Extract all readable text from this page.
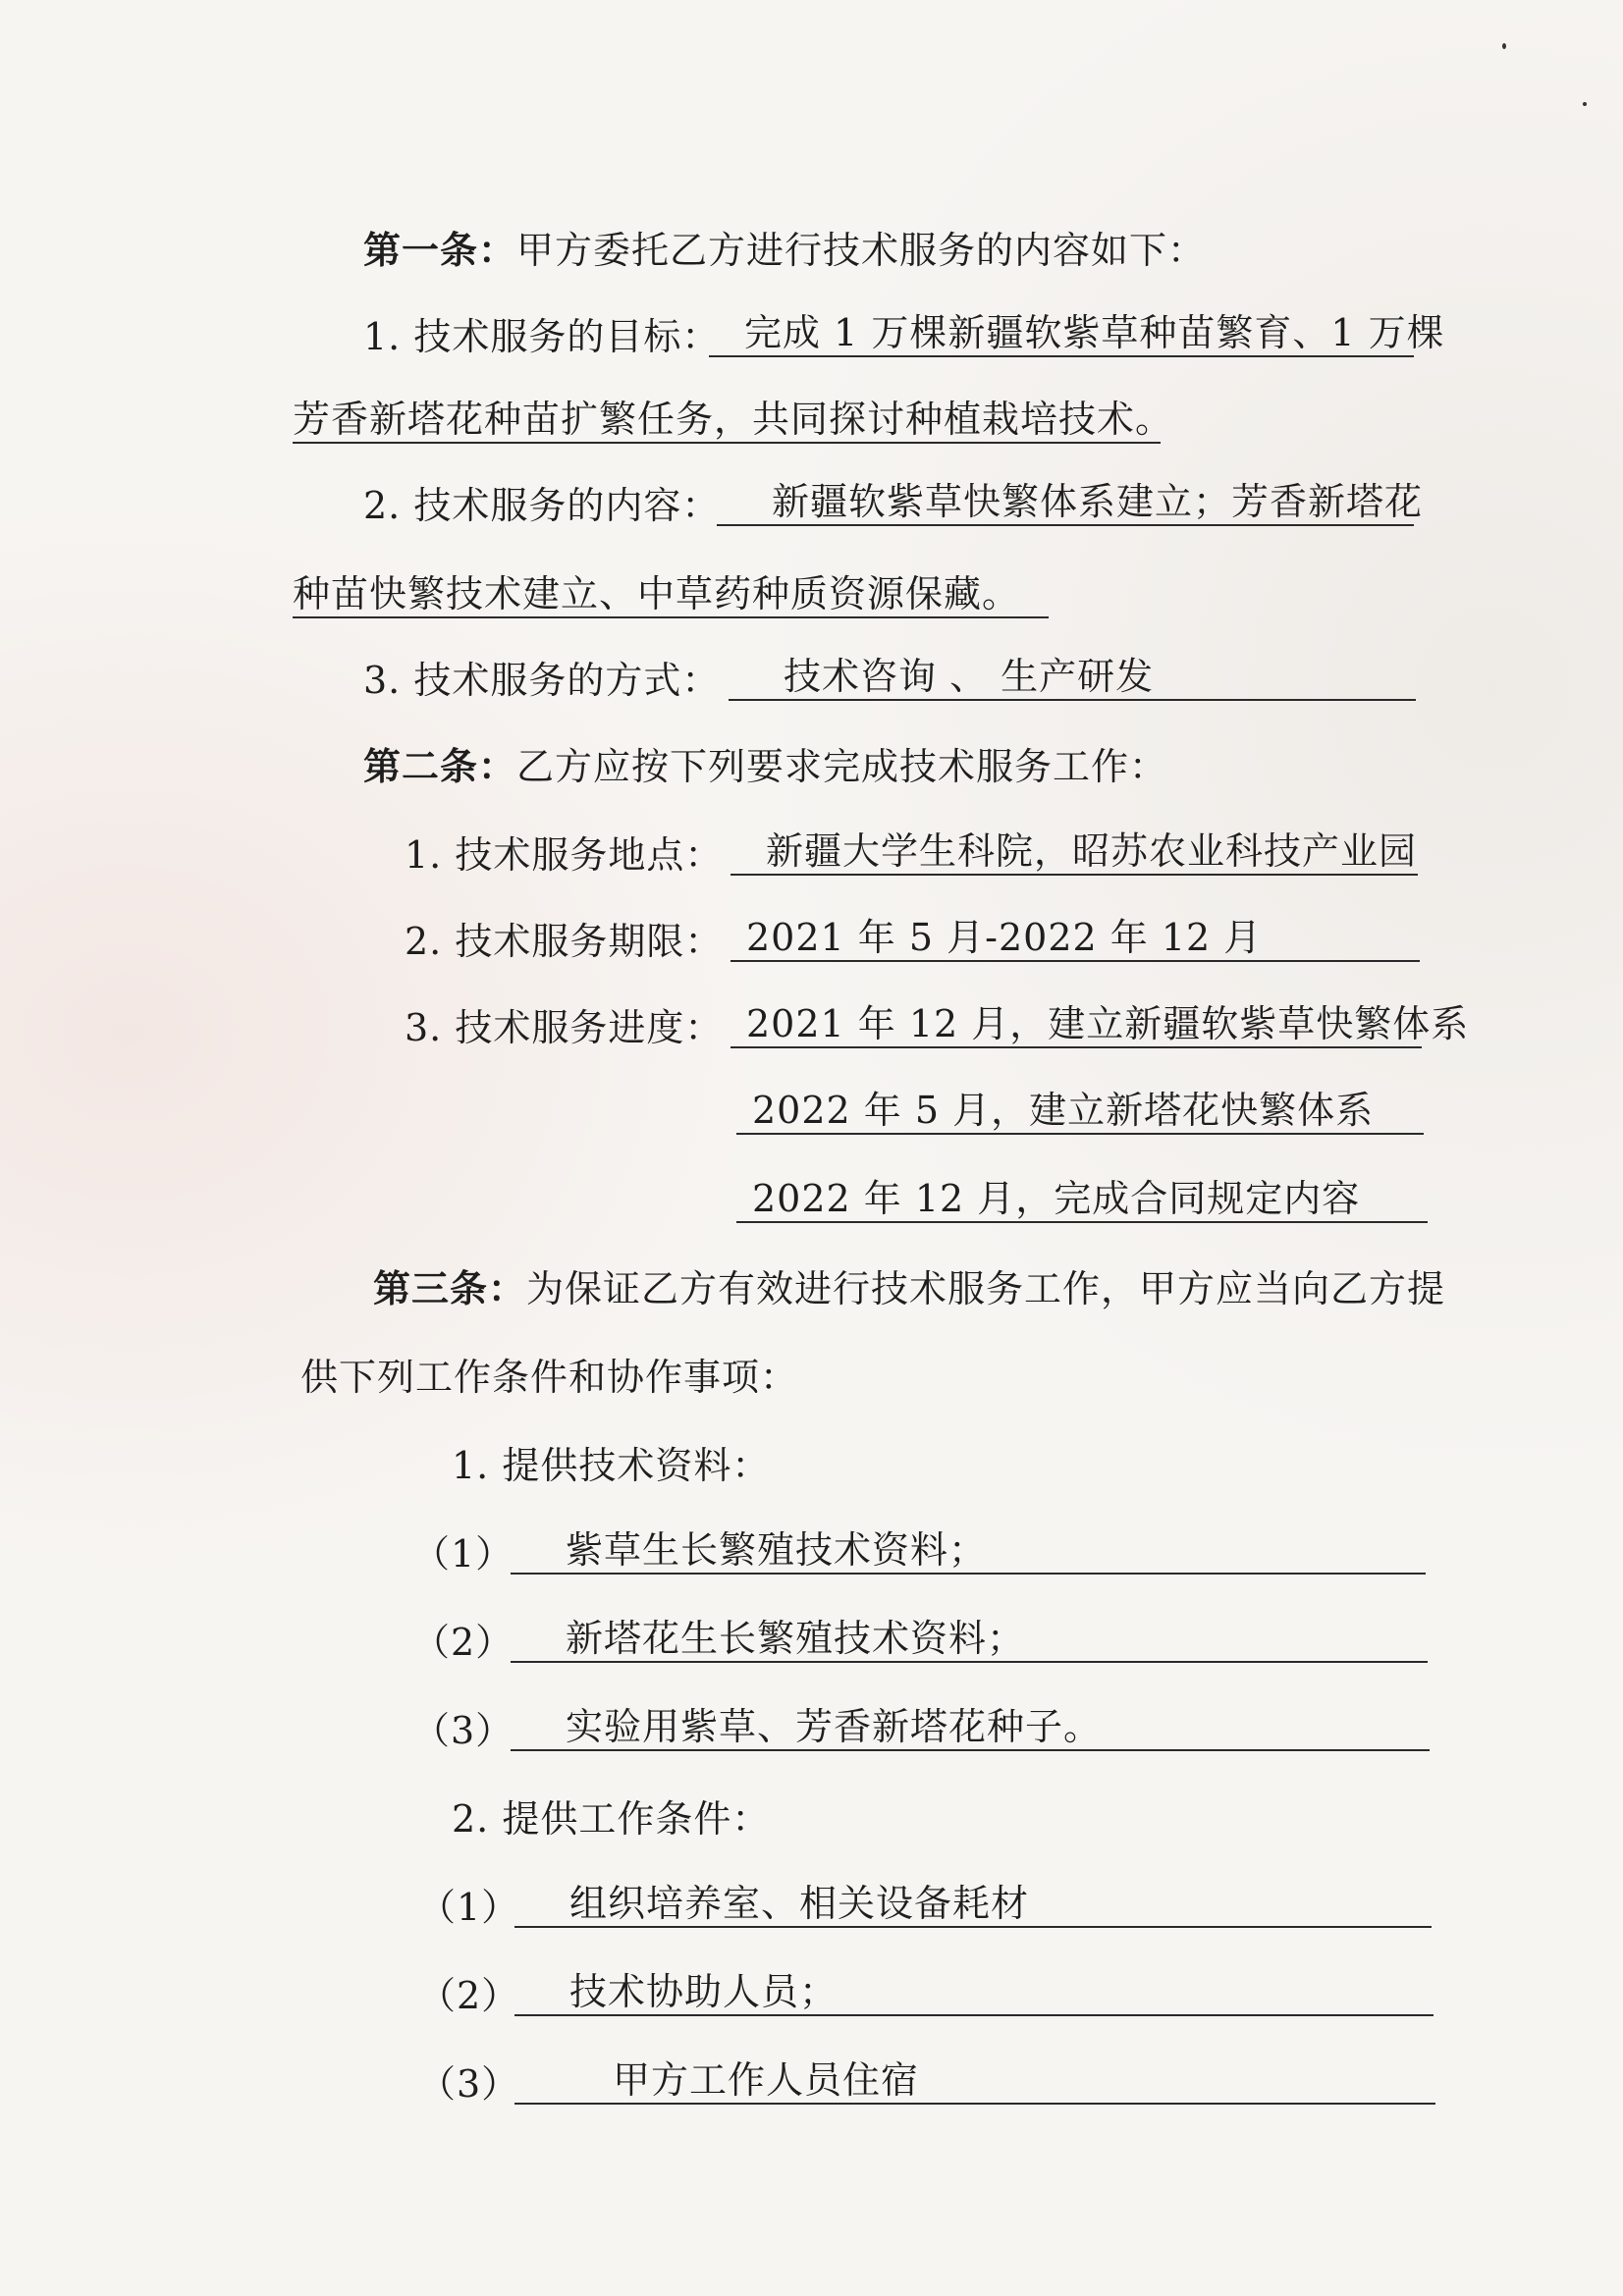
第一条：甲方委托乙方进行技术服务的内容如下：
1. 技术服务的目标： 完成 1 万棵新疆软紫草种苗繁育、1 万棵
芳香新塔花种苗扩繁任务，共同探讨种植栽培技术。
2. 技术服务的内容：	新疆软紫草快繁体系建立；芳香新塔花
种苗快繁技术建立、中草药种质资源保藏。
3. 技术服务的方式：	技术咨询 、 生产研发
第二条：乙方应按下列要求完成技术服务工作：
1. 技术服务地点：	新疆大学生科院，昭苏农业科技产业园
2. 技术服务期限： 2021 年 5 月-2022 年 12 月
3. 技术服务进度： 2021 年 12 月，建立新疆软紫草快繁体系
2022 年 5 月，建立新塔花快繁体系
2022 年 12 月，完成合同规定内容
第三条：为保证乙方有效进行技术服务工作，甲方应当向乙方提
供下列工作条件和协作事项：
1. 提供技术资料：
（1）	紫草生长繁殖技术资料；
（2）	新塔花生长繁殖技术资料；
（3）	实验用紫草、芳香新塔花种子。
2. 提供工作条件：
（1）	组织培养室、相关设备耗材
（2）	技术协助人员；
（3）	甲方工作人员住宿
